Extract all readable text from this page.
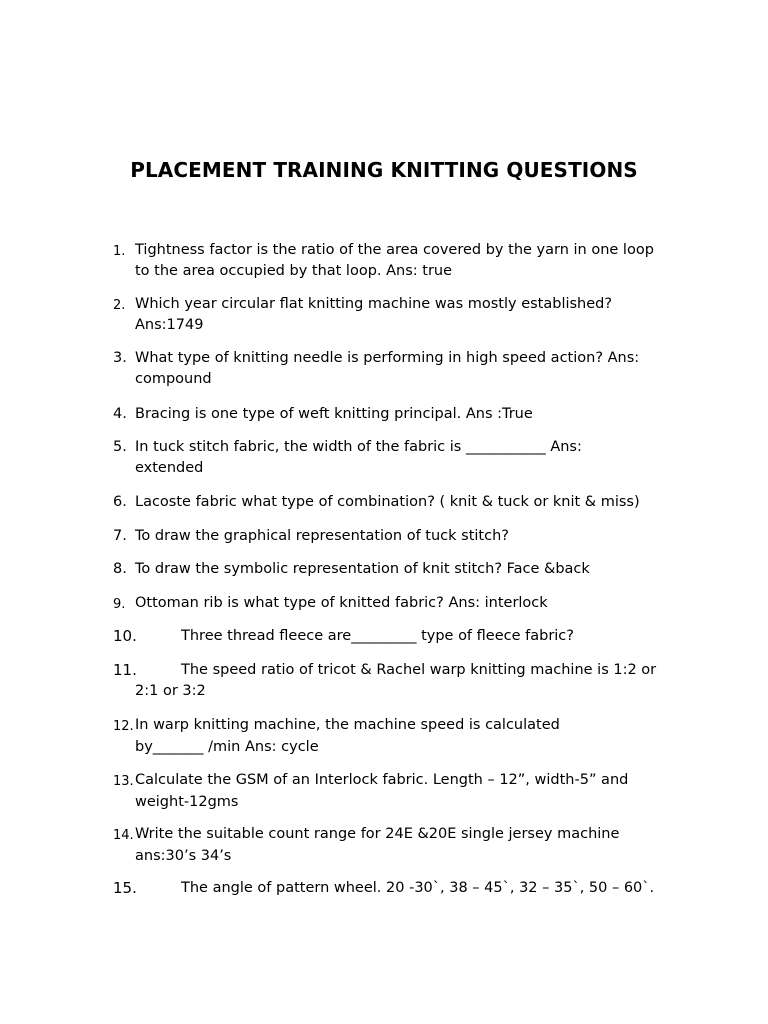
PLACEMENT TRAINING KNITTING QUESTIONS
1. Tightness factor is the ratio of the area covered by the yarn in one loop
to the area occupied by that loop. Ans: true
2. Which year circular flat knitting machine was mostly established?
Ans:1749
3. What type of knitting needle is performing in high speed action? Ans:
compound
4. Bracing is one type of weft knitting principal. Ans :True
5. In tuck stitch fabric, the width of the fabric is ___________ Ans:
extended
6. Lacoste fabric what type of combination? ( knit & tuck or knit & miss)
7. To draw the graphical representation of tuck stitch?
8. To draw the symbolic representation of knit stitch? Face &back
9. Ottoman rib is what type of knitted fabric? Ans: interlock
10.	Three thread fleece are_________ type of fleece fabric?
11.	The speed ratio of tricot & Rachel warp knitting machine is 1:2 or
2:1 or 3:2
12. In warp knitting machine, the machine speed is calculated
by_______ /min Ans: cycle
13. Calculate the GSM of an Interlock fabric. Length – 12”, width-5” and
weight-12gms
14. Write the suitable count range for 24E &20E single jersey machine
ans:30’s 34’s
15.	The angle of pattern wheel. 20 -30`, 38 – 45`, 32 – 35`, 50 – 60`.
